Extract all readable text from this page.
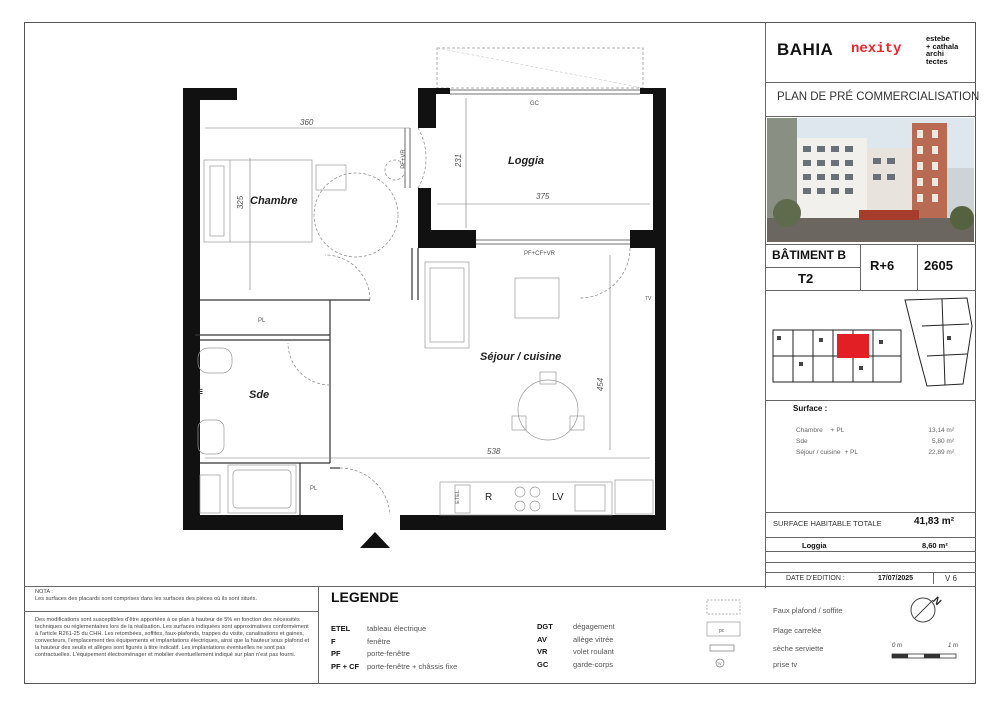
Chambre
Loggia
Séjour / cuisine
Sde
360
325
231
375
538
454
GC
PF+VR
PF+CF+VR
PL
PL
TV
ETEL R	LV
m
BAHIA nexity
estebe
+ cathala
archi
tectes
PLAN DE PRÉ COMMERCIALISATION
BÂTIMENT B
T2
R+6 2605
Surface :
Chambre + PL	13,14 m²
Sde	5,80 m²
Séjour / cuisine + PL	22,89 m²
SURFACE HABITABLE TOTALE	41,83 m²
Loggia	8,60 m²
DATE D'EDITION :	17/07/2025	V 6
NOTA :
Les surfaces des placards sont comprises dans les surfaces des pièces où ils sont situés.
Des modifications sont susceptibles d'être apportées à ce plan à hauteur de 5% en fonction des nécessités techniques ou réglementaires lors de la réalisation. Les surfaces indiquées sont approximatives conformément à l'article R261-25 du CHH. Les retombées, soffites, faux-plafonds, trappes du visite, canalisations et gaines, convecteurs, l'emplacement des équipements et implantations électriques, ainsi que la hauteur sous plafond et la hauteur des seuils et allèges sont figurés à titre indicatif. Les implantations éventuelles ne sont pas contractuelles. L'équipement électroménager et mobilier éventuellement indiqué sur plan n'est pas fourni.
LEGENDE
ETEL tableau électrique
F	fenêtre
PF	porte-fenêtre
PF + CF porte-fenêtre + châssis fixe
DGT	dégagement
AV	allège vitrée
VR	volet roulant
GC	garde-corps
pc
TV
Faux plafond / soffite
Plage carrelée
sèche serviette
prise tv
N
0 m	1 m
